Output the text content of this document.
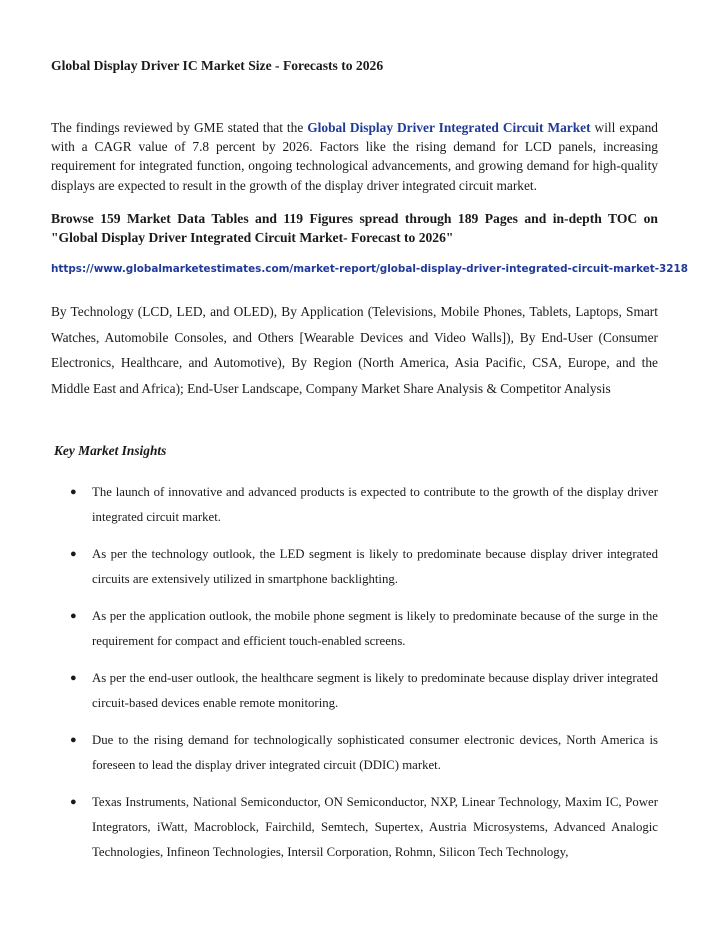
Global Display Driver IC Market Size - Forecasts to 2026

The findings reviewed by GME stated that the Global Display Driver Integrated Circuit Market will expand with a CAGR value of 7.8 percent by 2026. Factors like the rising demand for LCD panels, increasing requirement for integrated function, ongoing technological advancements, and growing demand for high-quality displays are expected to result in the growth of the display driver integrated circuit market.

Browse 159 Market Data Tables and 119 Figures spread through 189 Pages and in-depth TOC on "Global Display Driver Integrated Circuit Market- Forecast to 2026"

https://www.globalmarketestimates.com/market-report/global-display-driver-integrated-circuit-market-3218

By Technology (LCD, LED, and OLED), By Application (Televisions, Mobile Phones, Tablets, Laptops, Smart Watches, Automobile Consoles, and Others [Wearable Devices and Video Walls]), By End-User (Consumer Electronics, Healthcare, and Automotive), By Region (North America, Asia Pacific, CSA, Europe, and the Middle East and Africa); End-User Landscape, Company Market Share Analysis & Competitor Analysis

Key Market Insights
● The launch of innovative and advanced products is expected to contribute to the growth of the display driver integrated circuit market.
● As per the technology outlook, the LED segment is likely to predominate because display driver integrated circuits are extensively utilized in smartphone backlighting.
● As per the application outlook, the mobile phone segment is likely to predominate because of the surge in the requirement for compact and efficient touch-enabled screens.
● As per the end-user outlook, the healthcare segment is likely to predominate because display driver integrated circuit-based devices enable remote monitoring.
● Due to the rising demand for technologically sophisticated consumer electronic devices, North America is foreseen to lead the display driver integrated circuit (DDIC) market.
● Texas Instruments, National Semiconductor, ON Semiconductor, NXP, Linear Technology, Maxim IC, Power Integrators, iWatt, Macroblock, Fairchild, Semtech, Supertex, Austria Microsystems, Advanced Analogic Technologies, Infineon Technologies, Intersil Corporation, Rohmn, Silicon Tech Technology,
